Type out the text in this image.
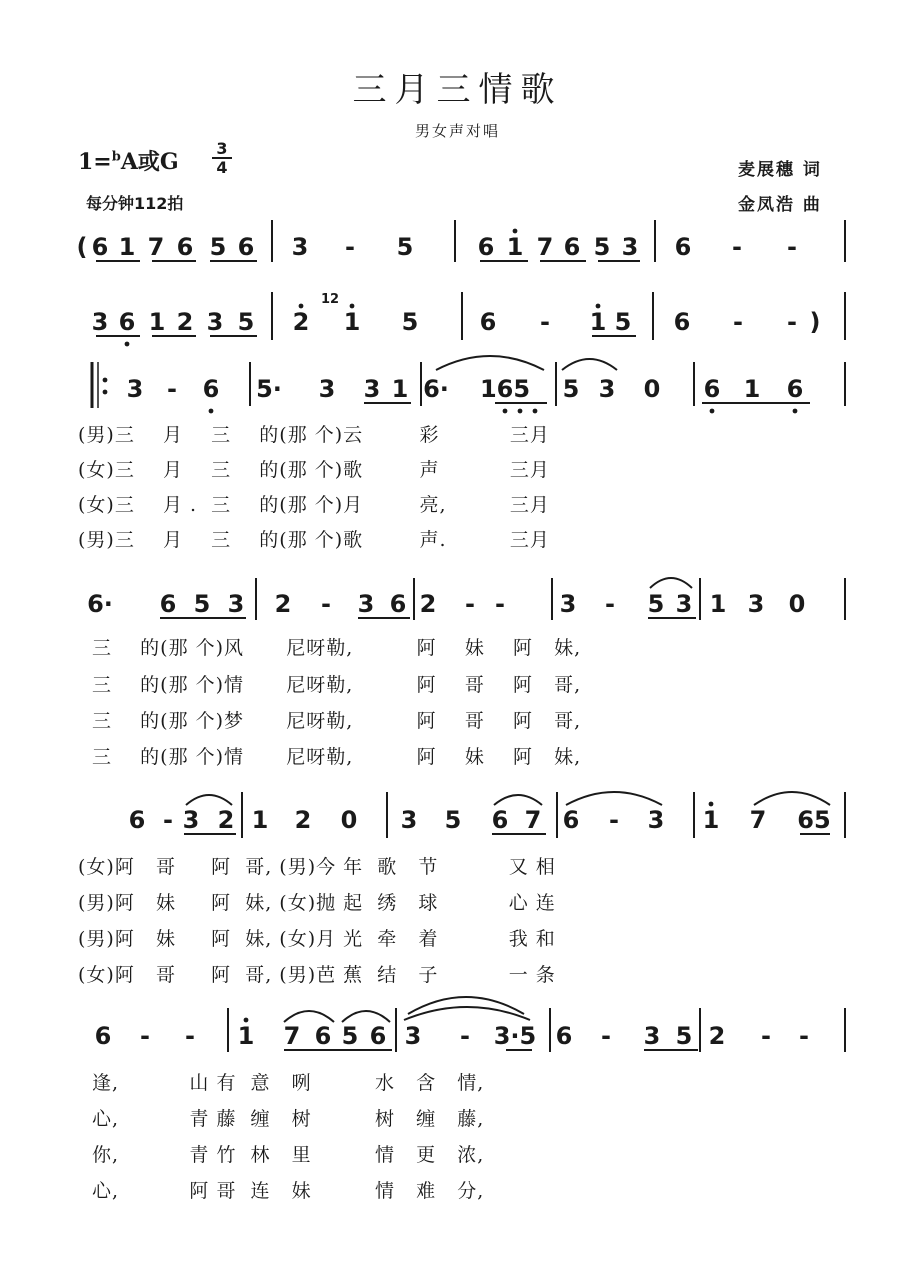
三月三情歌
男女声对唱
1=$^b$A或G
3
4
每分钟112拍
麦展穗 词
金凤浩 曲
( 6 1 7 6 5 6 3 - 5	6 1 7 6 5 3 6 - -
3 6 1 2 3 5 2
12
1 5	6 - 1 5 6 - - )
3 - 6 5· 3 3 1 6· 165 5 3 0 6 1 6
6· 6 5 3 2 - 3 6 2 - - 3 - 5 3 1 3 0
6 - 3 2 1 2 0 3 5 6 7 6 - 3 1 7 65
6 - - 1 7 6 5 6 3 - 3·5 6 - 3 5 2 - -
(男)三    月    三    的(那 个)云        彩          三月
(女)三    月    三    的(那 个)歌        声          三月
(女)三    月 .  三    的(那 个)月        亮,         三月
(男)三    月    三    的(那 个)歌        声.         三月
三    的(那 个)风      尼呀勒,         阿    妹    阿   妹,
三    的(那 个)情      尼呀勒,         阿    哥    阿   哥,
三    的(那 个)梦      尼呀勒,         阿    哥    阿   哥,
三    的(那 个)情      尼呀勒,         阿    妹    阿   妹,
(女)阿   哥     阿  哥, (男)今 年  歌   节          又 相
(男)阿   妹     阿  妹, (女)抛 起  绣   球          心 连
(男)阿   妹     阿  妹, (女)月 光  牵   着          我 和
(女)阿   哥     阿  哥, (男)芭 蕉  结   子          一 条
逢,          山 有  意   咧         水   含   情,
心,          青 藤  缠   树         树   缠   藤,
你,          青 竹  林   里         情   更   浓,
心,          阿 哥  连   妹         情   难   分,
